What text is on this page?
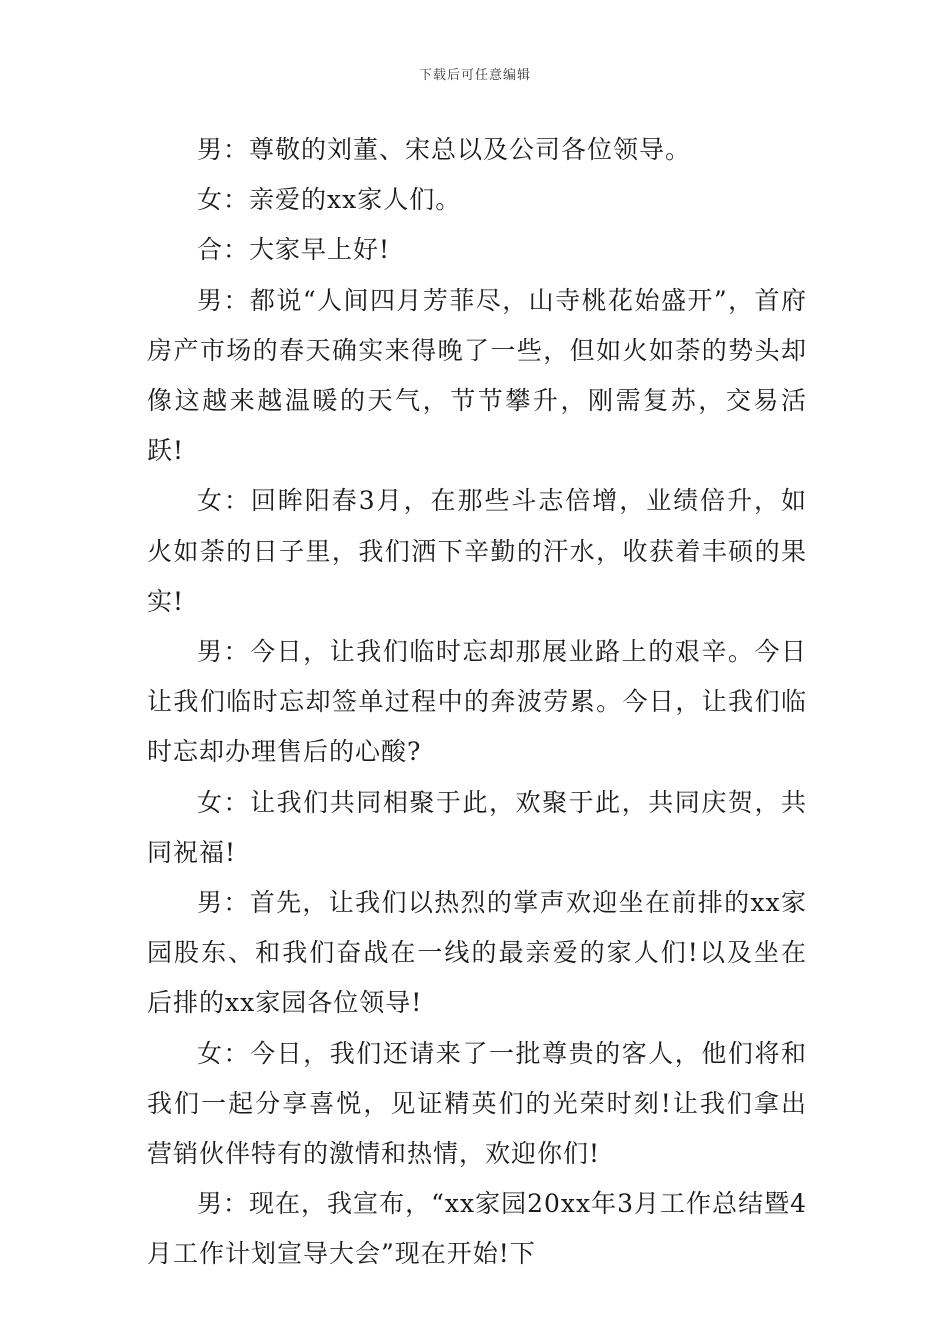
下载后可任意编辑

男：尊敬的刘董、宋总以及公司各位领导。

女：亲爱的xx家人们。

合：大家早上好!

男：都说“人间四月芳菲尽，山寺桃花始盛开”，首府房产市场的春天确实来得晚了一些，但如火如荼的势头却像这越来越温暖的天气，节节攀升，刚需复苏，交易活跃!

女：回眸阳春3月，在那些斗志倍增，业绩倍升，如火如荼的日子里，我们洒下辛勤的汗水，收获着丰硕的果实!

男：今日，让我们临时忘却那展业路上的艰辛。今日让我们临时忘却签单过程中的奔波劳累。今日，让我们临时忘却办理售后的心酸?

女：让我们共同相聚于此，欢聚于此，共同庆贺，共同祝福!

男：首先，让我们以热烈的掌声欢迎坐在前排的xx家园股东、和我们奋战在一线的最亲爱的家人们!以及坐在后排的xx家园各位领导!

女：今日，我们还请来了一批尊贵的客人，他们将和我们一起分享喜悦，见证精英们的光荣时刻!让我们拿出营销伙伴特有的激情和热情，欢迎你们!

男：现在，我宣布，“xx家园20xx年3月工作总结暨4月工作计划宣导大会”现在开始!下
